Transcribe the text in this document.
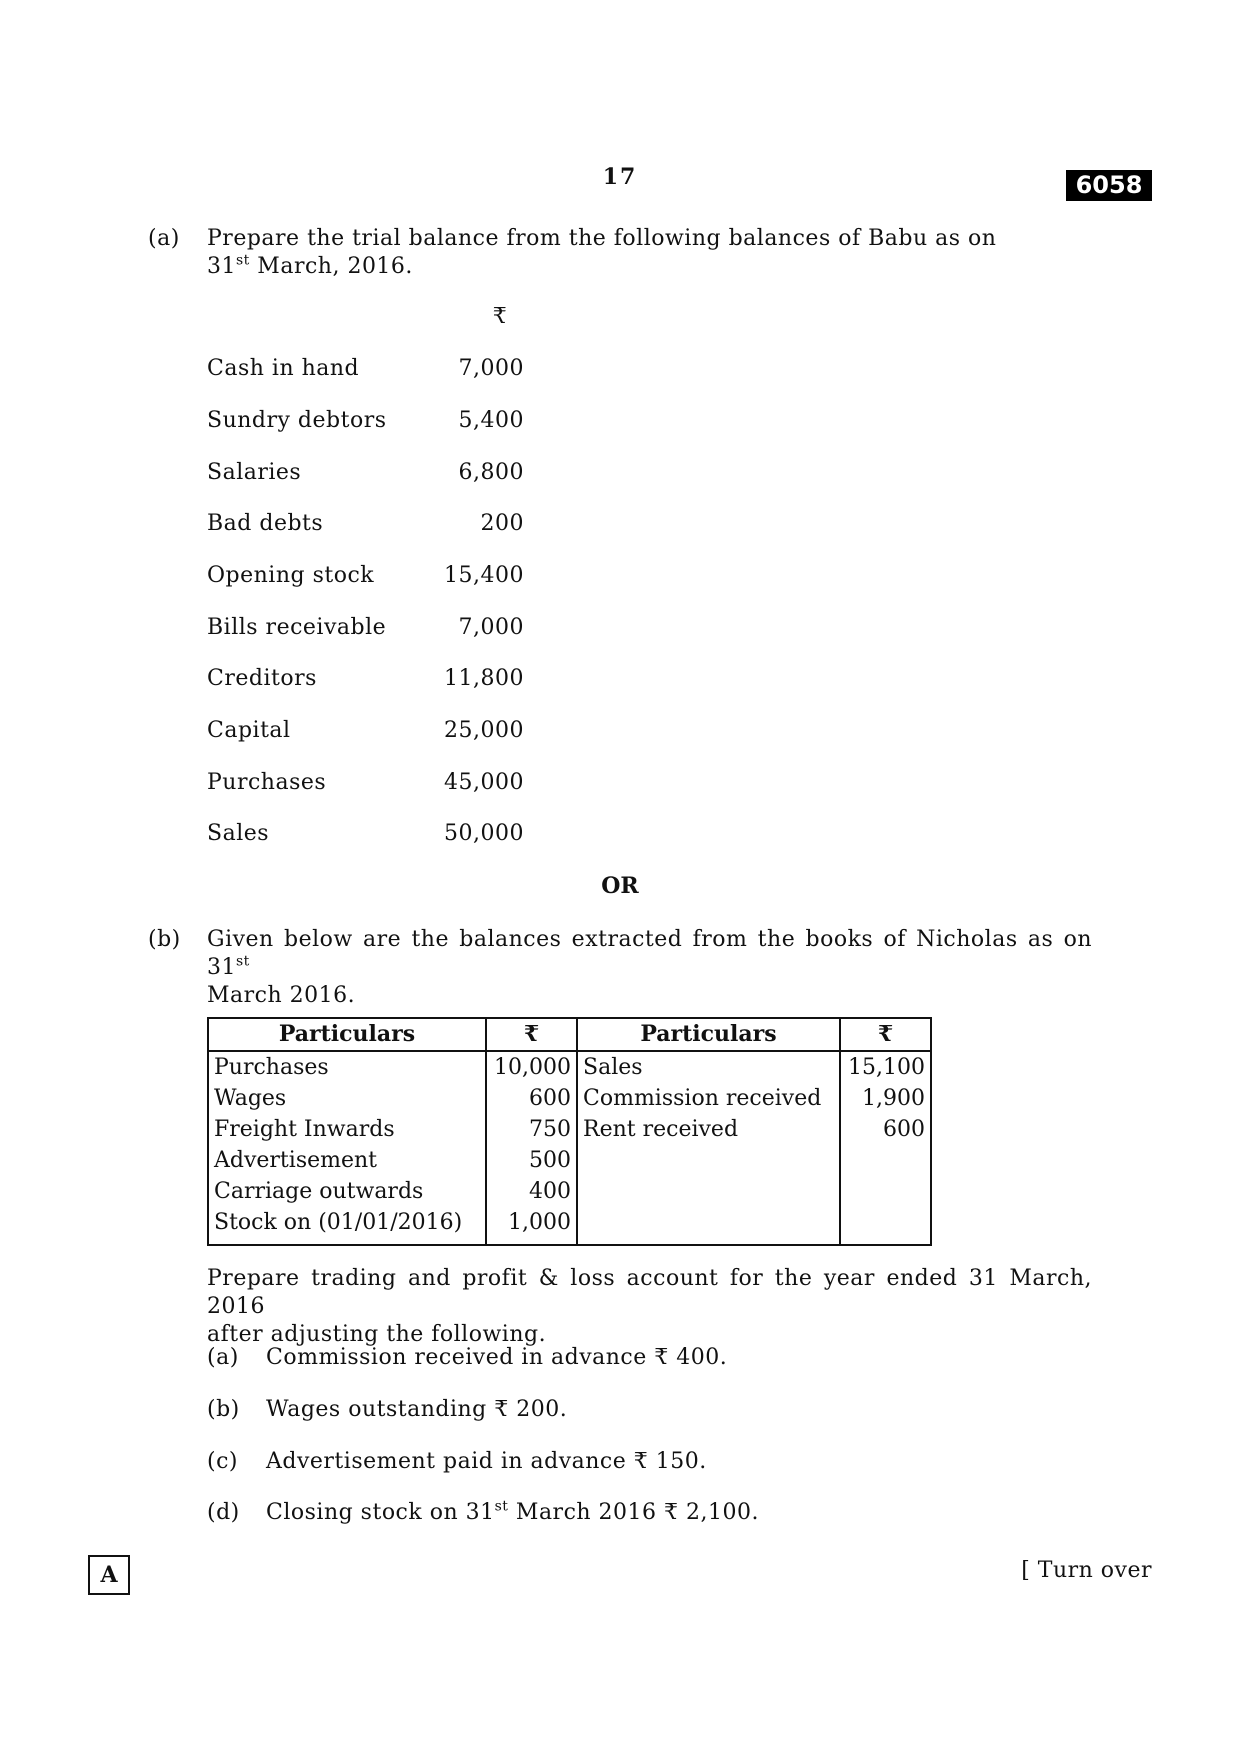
17	6058
(a) Prepare the trial balance from the following balances of Babu as on
31st March, 2016.
₹
Cash in hand	7,000
Sundry debtors	5,400
Salaries	6,800
Bad debts	200
Opening stock	15,400
Bills receivable	7,000
Creditors	11,800
Capital	25,000
Purchases	45,000
Sales	50,000
OR
(b) Given below are the balances extracted from the books of Nicholas as on 31st
March 2016.
Particulars	₹	Particulars	₹
Purchases	10,000	Sales	15,100
Wages	600	Commission received	1,900
Freight Inwards	750	Rent received	600
Advertisement	500		
Carriage outwards	400		
Stock on (01/01/2016)	1,000		
Prepare trading and profit & loss account for the year ended 31 March, 2016
after adjusting the following.
(a) Commission received in advance ₹ 400.
(b) Wages outstanding ₹ 200.
(c) Advertisement paid in advance ₹ 150.
(d) Closing stock on 31st March 2016 ₹ 2,100.
A	[ Turn over
